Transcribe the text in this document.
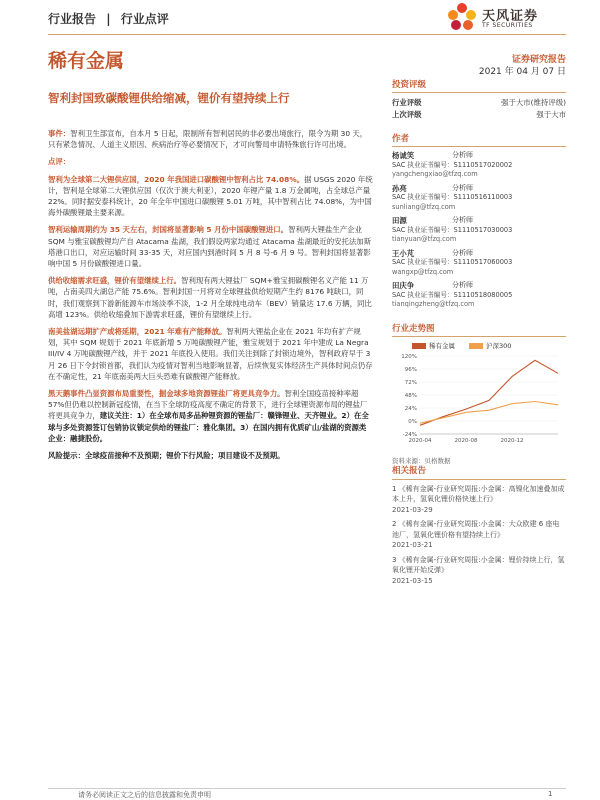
行业报告 | 行业点评	天风证券
TF SECURITIES
稀有金属	证券研究报告
2021 年 04 月 07 日
智利封国致碳酸锂供给缩减，锂价有望持续上行

事件：智利卫生部宣布，自本月 5 日起，限制所有智利居民的非必要出境旅行，限令为期 30 天，只有紧急情况、人道主义原因、疾病治疗等必要情况下，才可向警局申请特殊旅行许可出境。

点评：

智利为全球第二大锂供应国，2020 年我国进口碳酸锂中智利占比 74.08%。据 USGS 2020 年统计，智利是全球第二大锂供应国（仅次于澳大利亚），2020 年锂产量 1.8 万金属吨，占全球总产量 22%。同时据安泰科统计，20 年全年中国进口碳酸锂 5.01 万吨，其中智利占比 74.08%，为中国海外碳酸锂最主要来源。

智利运输周期约为 35 天左右，封国将显著影响 5 月份中国碳酸锂进口。智利两大锂盐生产企业 SQM 与雅宝碳酸锂均产自 Atacama 盐湖，我们假设两家均通过 Atacama 盐湖最近的安托法加斯塔港口出口，对应运输时间 33-35 天，对应国内到港时间 5 月 8 号-6 月 9 号。智利封国将显著影响中国 5 月份碳酸锂进口量。

供给收缩需求旺盛，锂价有望继续上行。智利现有两大锂盐厂 SQM+雅宝拥碳酸锂名义产能 11 万吨，占南美四大湖总产能 75.6%。智利封国一月将对全球锂盐供给短期产生约 8176 吨缺口，同时，我们观察到下游新能源车市场淡季不淡，1-2 月全球纯电动车（BEV）销量达 17.6 万辆，同比高增 123%。供给收缩叠加下游需求旺盛，锂价有望继续上行。

南美盐湖远期扩产或将延期，2021 年难有产能释放。智利两大锂盐企业在 2021 年均有扩产规划，其中 SQM 规划于 2021 年底新增 5 万吨碳酸锂产能，雅宝规划于 2021 年中建成 La Negra III/IV 4 万吨碳酸锂产线，并于 2021 年底投入使用。我们关注到除了封锁边境外，智利政府早于 3 月 26 日下令封锁首都，我们认为疫情对智利当地影响显著，后续恢复实体经济生产具体时间点仍存在不确定性，21 年底南美两大巨头恐难有碳酸锂产能释放。

黑天鹅事件凸显资源布局重要性，掘金球多地资源锂盐厂将更具竞争力。智利全国疫苗接种率超 57%但仍难以控制新冠疫情，在当下全球防疫高度不确定的背景下，进行全球锂资源布局的锂盐厂将更具竞争力，建议关注：1）在全球布局多品种锂资源的锂盐厂：赣锋锂业、天齐锂业。2）在全球与多处资源签订包销协议锁定供给的锂盐厂：雅化集团。3）在国内拥有优质矿山/盐湖的资源类企业：融捷股份。

风险提示：全球疫苗接种不及预期；锂价下行风险；项目建设不及预期。

投资评级
行业评级	强于大市(维持评级)
上次评级	强于大市
作者
杨诚笑	分析师
SAC 执业证书编号：S1110517020002
yangchengxiao@tfzq.com
孙亮	分析师
SAC 执业证书编号：S1110516110003
sunliang@tfzq.com
田源	分析师
SAC 执业证书编号：S1110517030003
tianyuan@tfzq.com
王小芃	分析师
SAC 执业证书编号：S1110517060003
wangxp@tfzq.com
田庆争	分析师
SAC 执业证书编号：S1110518080005
tianqingzheng@tfzq.com
行业走势图
稀有金属	沪深300
120%
96%
72%
48%
24%
0%
-24%
2020-04	2020-08	2020-12
资料来源：贝格数据
相关报告
1 《稀有金属-行业研究周报:小金属：高镍化加速叠加成本上升，氢氧化锂价格快速上行》
2021-03-29
2 《稀有金属-行业研究周报:小金属：大众欧建 6 座电池厂，氢氧化锂价格有望持续上行》
2021-03-21
3 《稀有金属-行业研究周报:小金属：锂价持续上行，氢氧化锂开始反弹》
2021-03-15
请务必阅读正文之后的信息披露和免责申明	1
